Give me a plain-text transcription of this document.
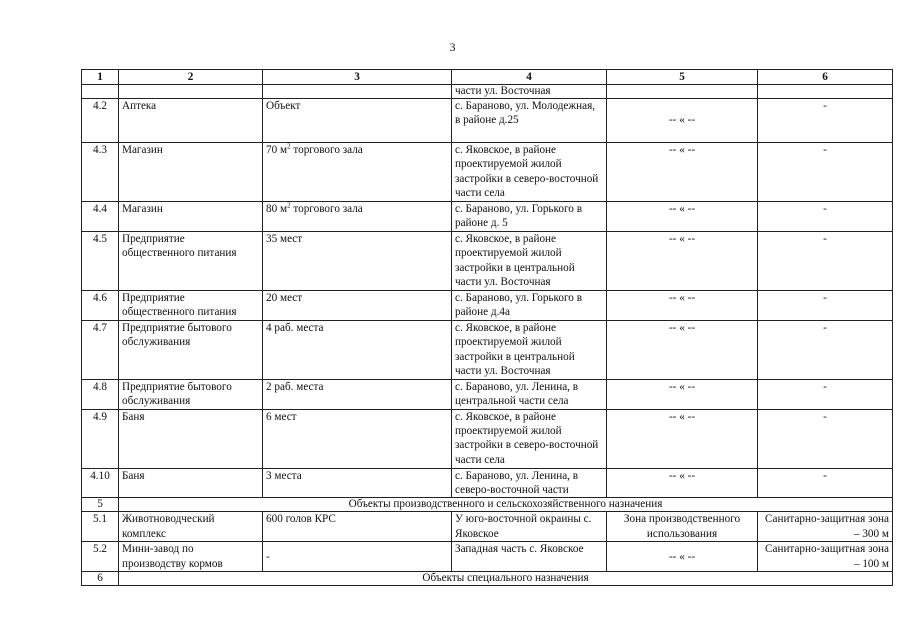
3
1	2	3	4	5	6
			части ул. Восточная		
4.2	Аптека	Объект	с. Бараново, ул. Молодежная, в районе д.25	-- « --	-
4.3	Магазин	70 $м^2$ торгового зала	с. Яковское, в районе проектируемой жилой застройки в северо-восточной части села	-- « --	-
4.4	Магазин	80 $м^2$ торгового зала	с. Бараново, ул. Горького в районе д. 5	-- « --	-
4.5	Предприятие общественного питания	35 мест	с. Яковское, в районе проектируемой жилой застройки в центральной части ул. Восточная	-- « --	-
4.6	Предприятие общественного питания	20 мест	с. Бараново, ул. Горького в районе д.4а	-- « --	-
4.7	Предприятие бытового обслуживания	4 раб. места	с. Яковское, в районе проектируемой жилой застройки в центральной части ул. Восточная	-- « --	-
4.8	Предприятие бытового обслуживания	2 раб. места	с. Бараново, ул. Ленина, в центральной части села	-- « --	-
4.9	Баня	6 мест	с. Яковское, в районе проектируемой жилой застройки в северо-восточной части села	-- « --	-
4.10	Баня	3 места	с. Бараново, ул. Ленина, в северо-восточной части	-- « --	-
5	Объекты производственного и сельскохозяйственного назначения				
5.1	Животноводческий комплекс	600 голов КРС	У юго-восточной окраины с. Яковское	Зона производственного использования	Санитарно-защитная зона – 300 м
5.2	Мини-завод по производству кормов	-	Западная часть с. Яковское	-- « --	Санитарно-защитная зона – 100 м
6	Объекты специального назначения				
